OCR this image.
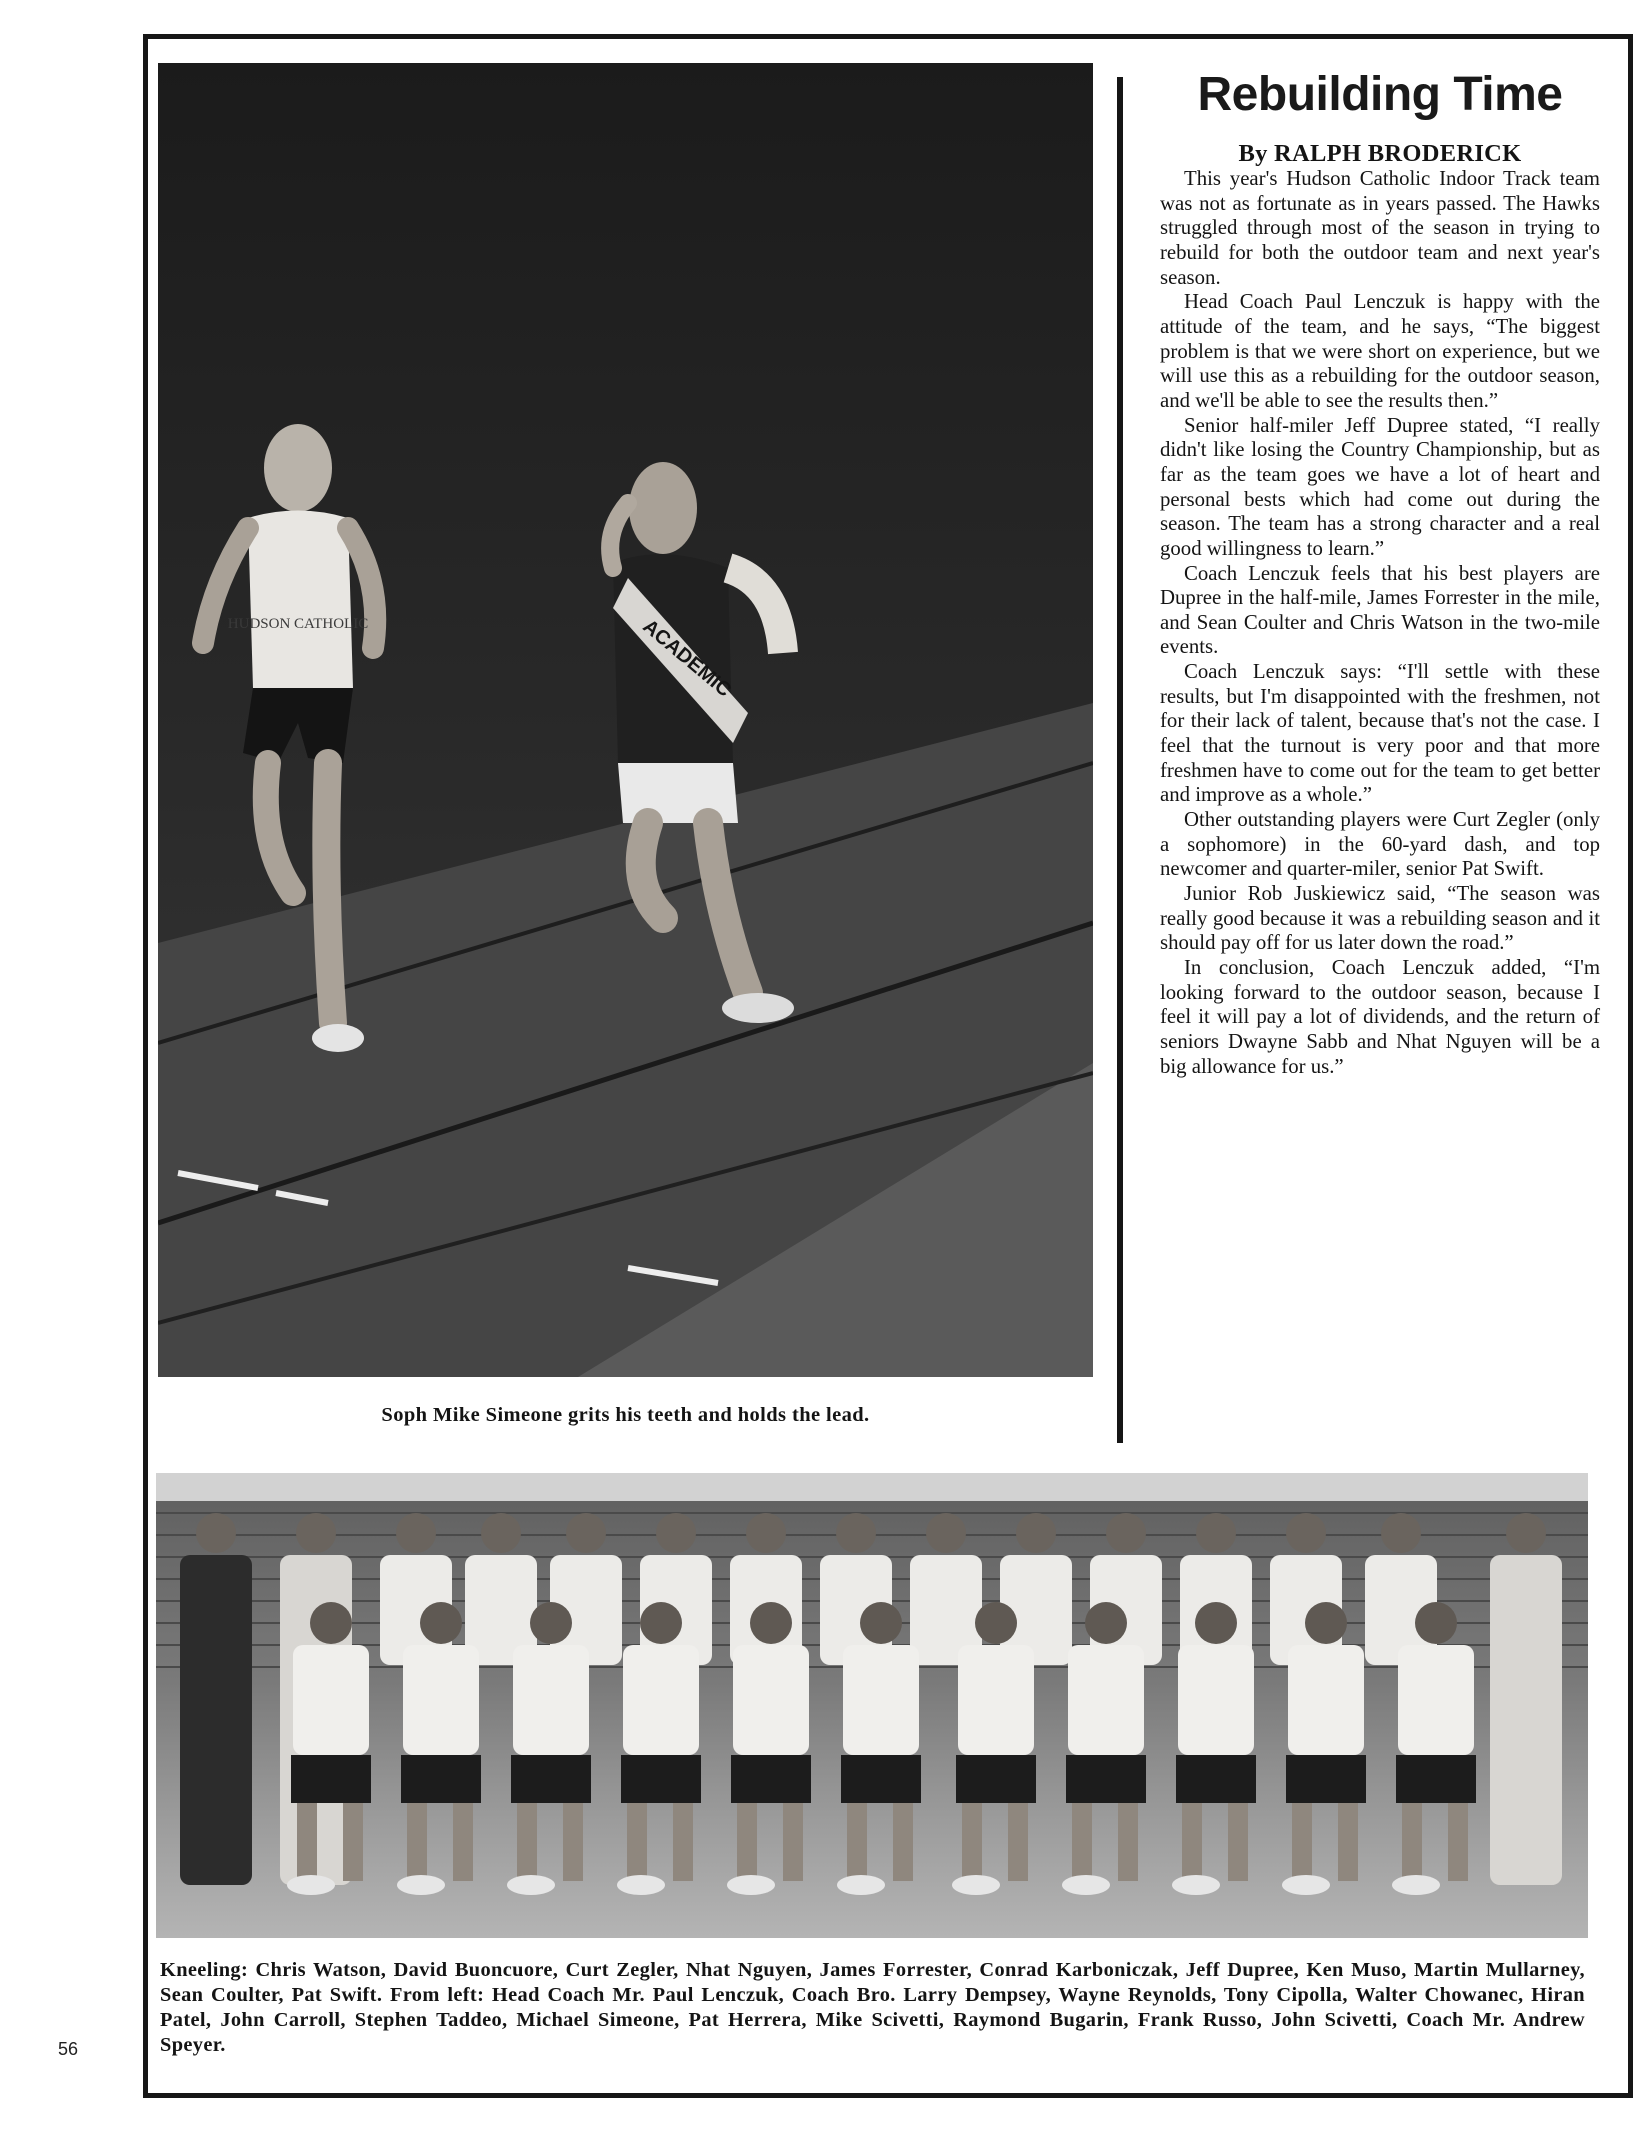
HUDSON CATHOLIC	ACADEMIC
Soph Mike Simeone grits his teeth and holds the lead.
Rebuilding Time
By RALPH BRODERICK

This year's Hudson Catholic Indoor Track team was not as fortunate as in years passed. The Hawks struggled through most of the season in trying to rebuild for both the outdoor team and next year's season.

Head Coach Paul Lenczuk is happy with the attitude of the team, and he says, “The biggest problem is that we were short on experience, but we will use this as a rebuilding for the outdoor season, and we'll be able to see the results then.”

Senior half-miler Jeff Dupree stated, “I really didn't like losing the Country Championship, but as far as the team goes we have a lot of heart and personal bests which had come out during the season. The team has a strong character and a real good willingness to learn.”

Coach Lenczuk feels that his best players are Dupree in the half-mile, James Forrester in the mile, and Sean Coulter and Chris Watson in the two-mile events.

Coach Lenczuk says: “I'll settle with these results, but I'm disappointed with the freshmen, not for their lack of talent, because that's not the case. I feel that the turnout is very poor and that more freshmen have to come out for the team to get better and improve as a whole.”

Other outstanding players were Curt Zegler (only a sophomore) in the 60-yard dash, and top newcomer and quarter-miler, senior Pat Swift.

Junior Rob Juskiewicz said, “The season was really good because it was a rebuilding season and it should pay off for us later down the road.”

In conclusion, Coach Lenczuk added, “I'm looking forward to the outdoor season, because I feel it will pay a lot of dividends, and the return of seniors Dwayne Sabb and Nhat Nguyen will be a big allowance for us.”

Kneeling: Chris Watson, David Buoncuore, Curt Zegler, Nhat Nguyen, James Forrester, Conrad Karboniczak, Jeff Dupree, Ken Muso, Martin Mullarney, Sean Coulter, Pat Swift. From left: Head Coach Mr. Paul Lenczuk, Coach Bro. Larry Dempsey, Wayne Reynolds, Tony Cipolla, Walter Chowanec, Hiran Patel, John Carroll, Stephen Taddeo, Michael Simeone, Pat Herrera, Mike Scivetti, Raymond Bugarin, Frank Russo, John Scivetti, Coach Mr. Andrew Speyer.
56
